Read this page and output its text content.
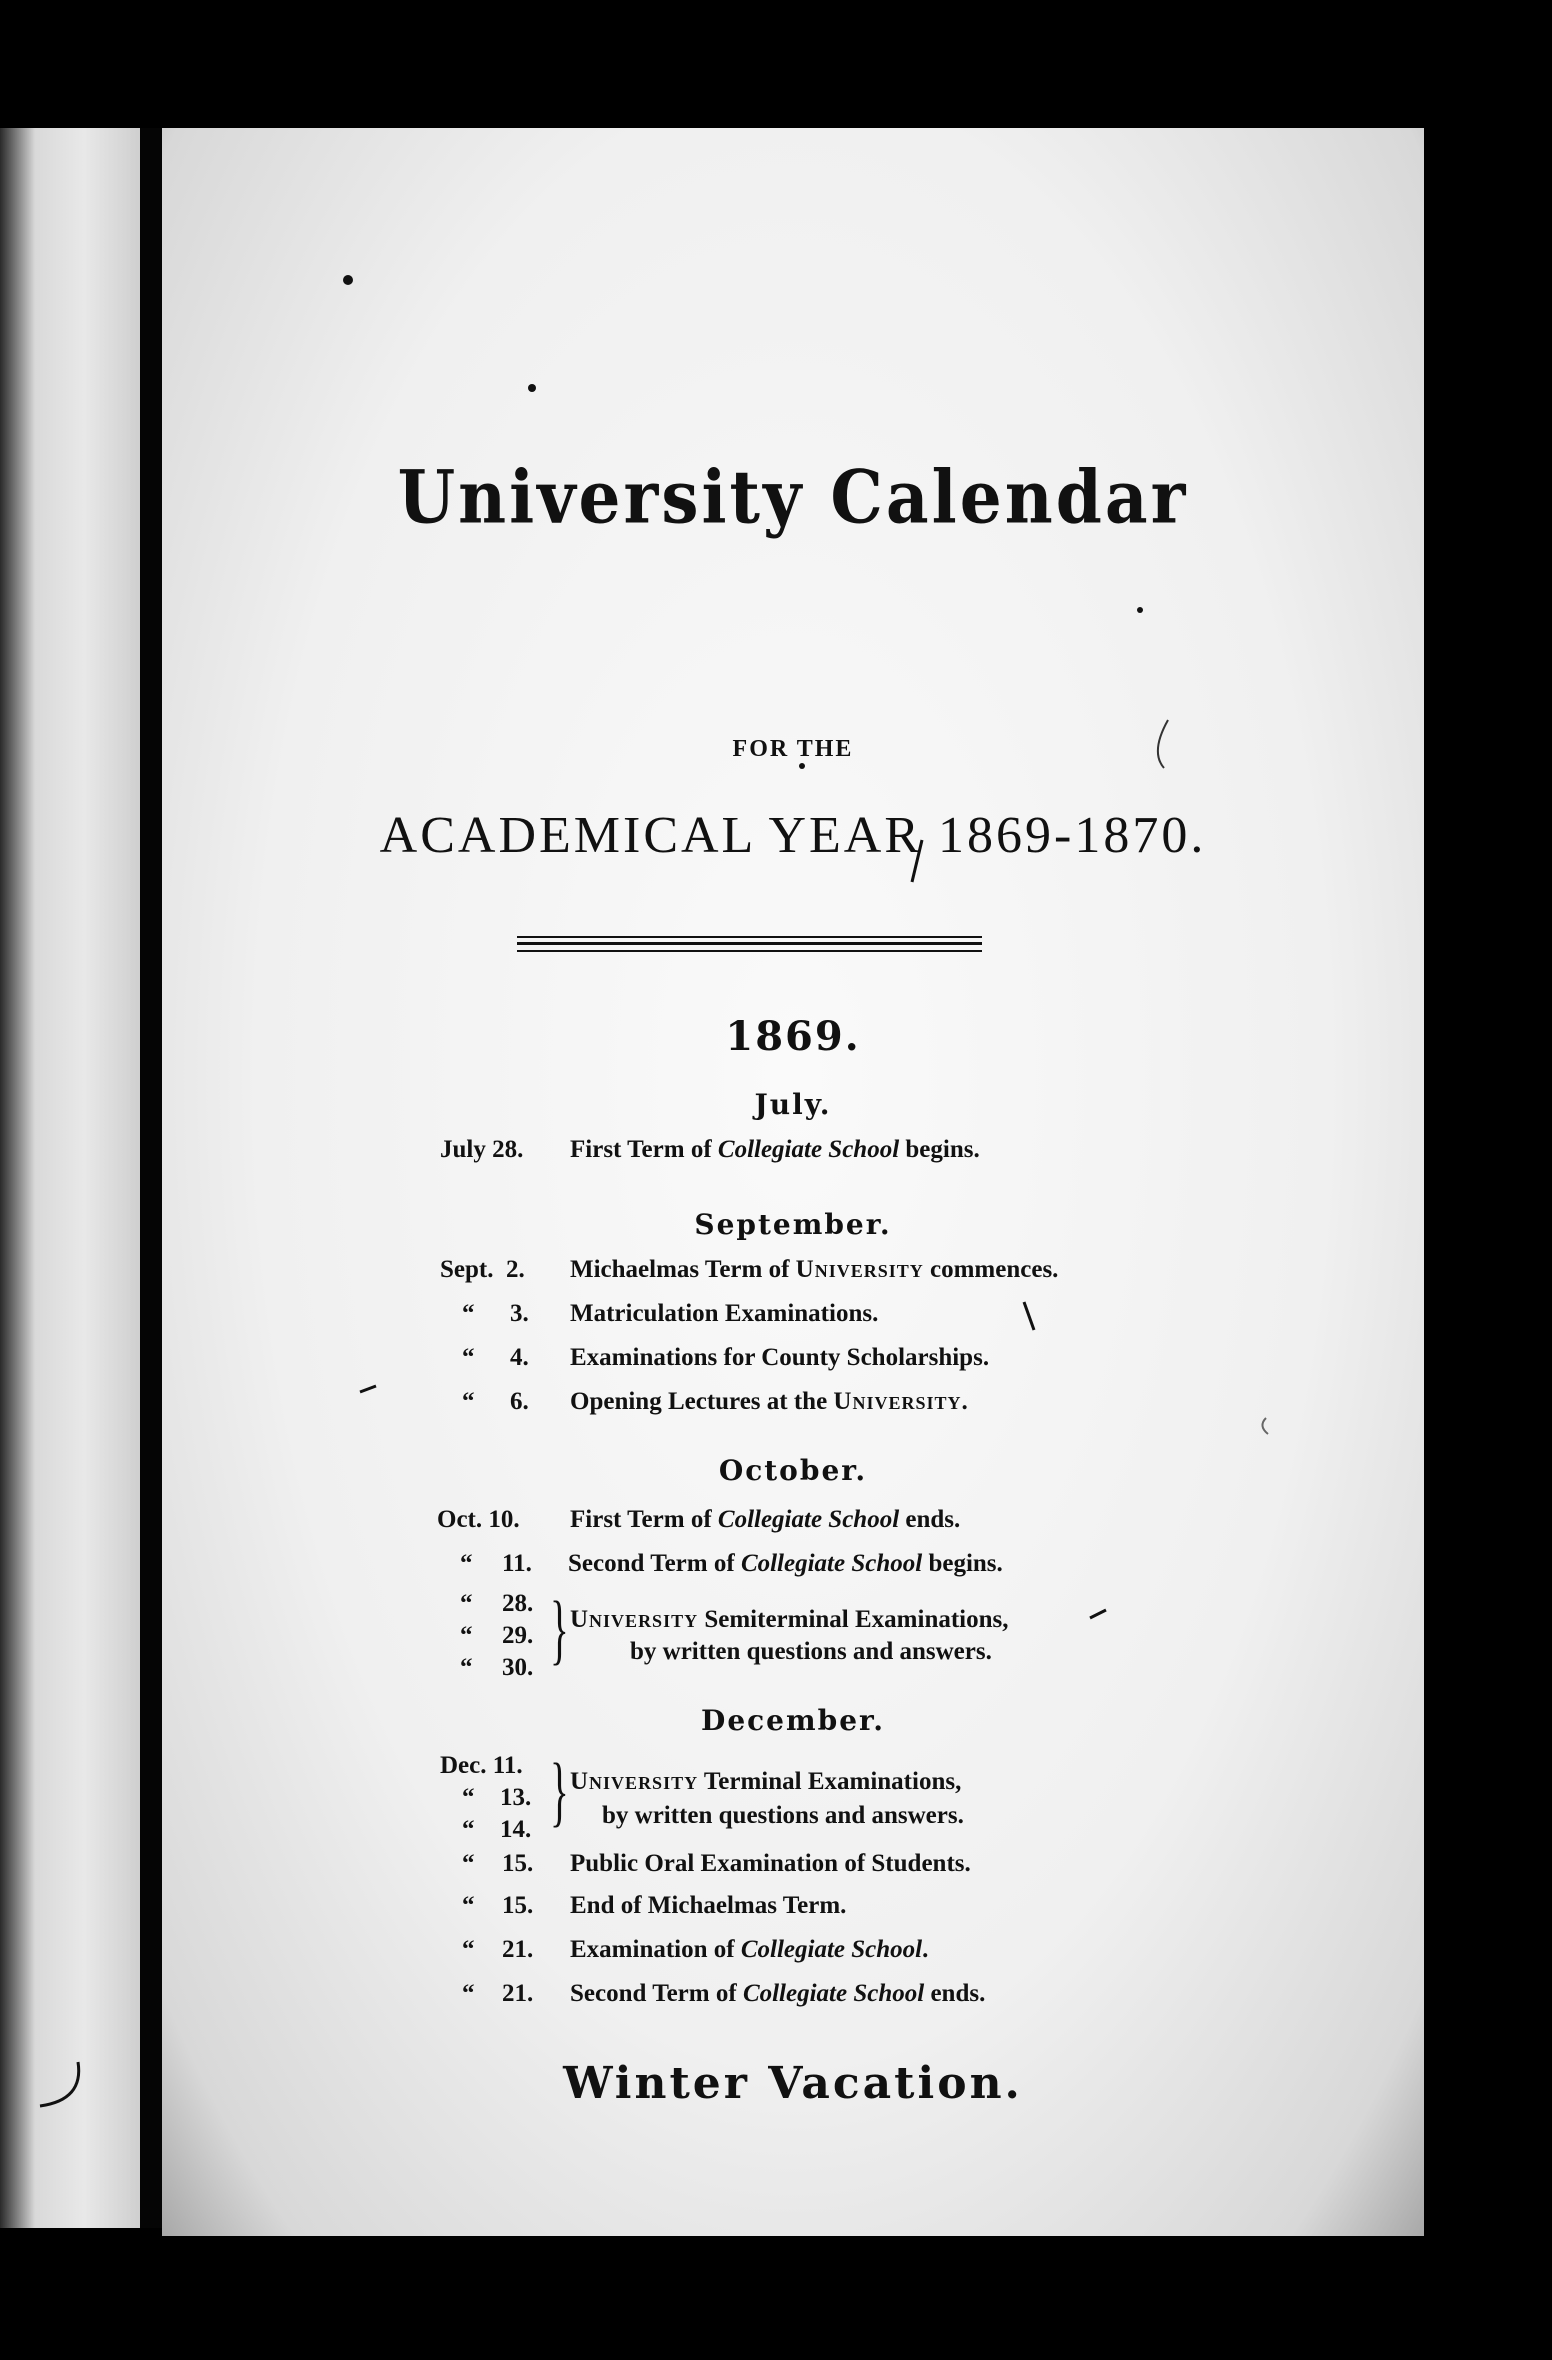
University Calendar
FOR THE
ACADEMICAL YEAR 1869-1870.
1869.
July.
July 28. First Term of Collegiate School begins.
September.
Sept.  2. Michaelmas Term of University commences.
“ 3. Matriculation Examinations.
“ 4. Examinations for County Scholarships.
“ 6. Opening Lectures at the University.
October.
Oct. 10. First Term of Collegiate School ends.
“ 11. Second Term of Collegiate School begins.
“ 28.
“ 29.
“ 30. } University Semiterminal Examinations,
by written questions and answers.
December.
Dec. 11.
“ 13.
“ 14. } University Terminal Examinations,
by written questions and answers.
“ 15. Public Oral Examination of Students.
“ 15. End of Michaelmas Term.
“ 21. Examination of Collegiate School.
“ 21. Second Term of Collegiate School ends.
Winter Vacation.
